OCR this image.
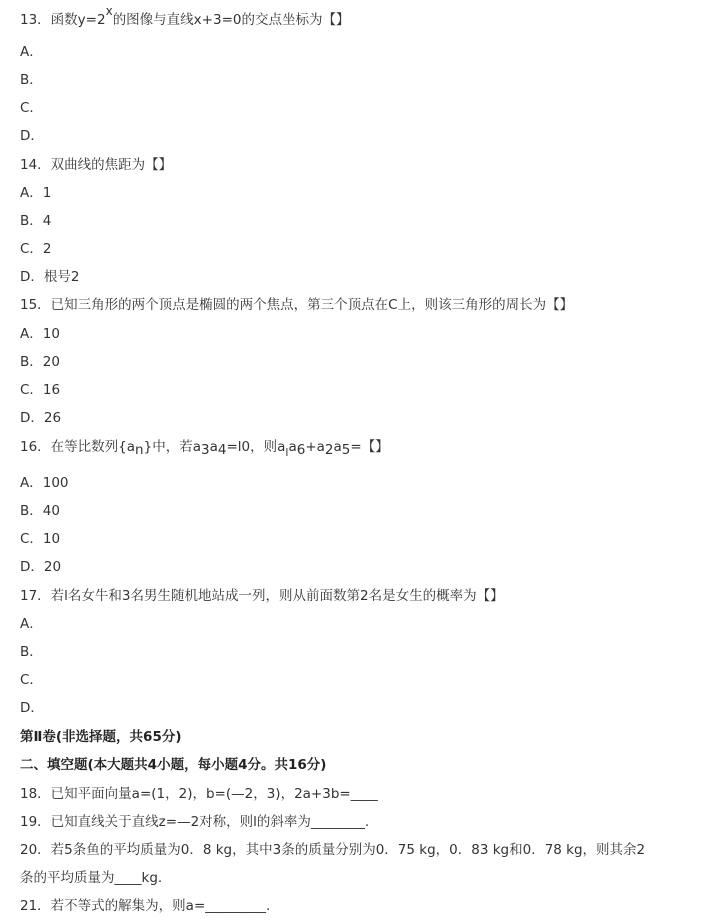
13．函数y=2x的图像与直线x+3=0的交点坐标为【】
A．
B．
C．
D．
14．双曲线的焦距为【】
A．1
B．4
C．2
D．根号2
15．已知三角形的两个顶点是椭圆的两个焦点，第三个顶点在C上，则该三角形的周长为【】
A．10
B．20
C．16
D．26
16．在等比数列{an}中，若a3a4=l0，则$a_la6+a2a5=$【】
A．100
B．40
C．10
D．20
17．若l名女牛和3名男生随机地站成一列，则从前面数第2名是女生的概率为【】
A．
B．
C．
D．
第Ⅱ卷(非选择题，共65分)
二、填空题(本大题共4小题，每小题4分。共16分)
18．已知平面向量a=(1，2)，b=(—2，3)，2a+3b=____
19．已知直线关于直线z=—2对称，则l的斜率为________.
20．若5条鱼的平均质量为0．8 kg，其中3条的质量分别为0．75 kg，0．83 kg和0．78 kg，则其余2
条的平均质量为____kg.
21．若不等式的解集为，则a=_________.
